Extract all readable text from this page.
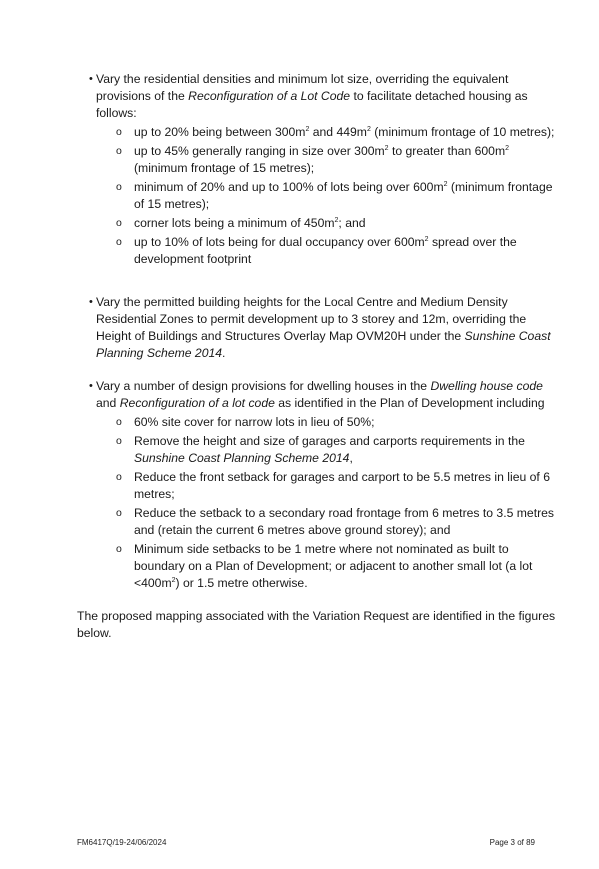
• Vary the residential densities and minimum lot size, overriding the equivalent provisions of the Reconfiguration of a Lot Code to facilitate detached housing as follows:

o up to 20% being between $300m^2$ and $449m^2$ (minimum frontage of 10 metres);

o up to 45% generally ranging in size over $300m^2$ to greater than $600m^2$ (minimum frontage of 15 metres);

o minimum of 20% and up to 100% of lots being over $600m^2$ (minimum frontage of 15 metres);

o corner lots being a minimum of $450m^2$; and

o up to 10% of lots being for dual occupancy over $600m^2$ spread over the development footprint

• Vary the permitted building heights for the Local Centre and Medium Density Residential Zones to permit development up to 3 storey and 12m, overriding the Height of Buildings and Structures Overlay Map OVM20H under the Sunshine Coast Planning Scheme 2014.

• Vary a number of design provisions for dwelling houses in the Dwelling house code and Reconfiguration of a lot code as identified in the Plan of Development including

o 60% site cover for narrow lots in lieu of 50%;

o Remove the height and size of garages and carports requirements in the Sunshine Coast Planning Scheme 2014,

o Reduce the front setback for garages and carport to be 5.5 metres in lieu of 6 metres;

o Reduce the setback to a secondary road frontage from 6 metres to 3.5 metres and (retain the current 6 metres above ground storey); and

o Minimum side setbacks to be 1 metre where not nominated as built to boundary on a Plan of Development; or adjacent to another small lot (a lot $<400m^2$) or 1.5 metre otherwise.

The proposed mapping associated with the Variation Request are identified in the figures below.

FM6417Q/19-24/06/2024	Page 3 of 89
